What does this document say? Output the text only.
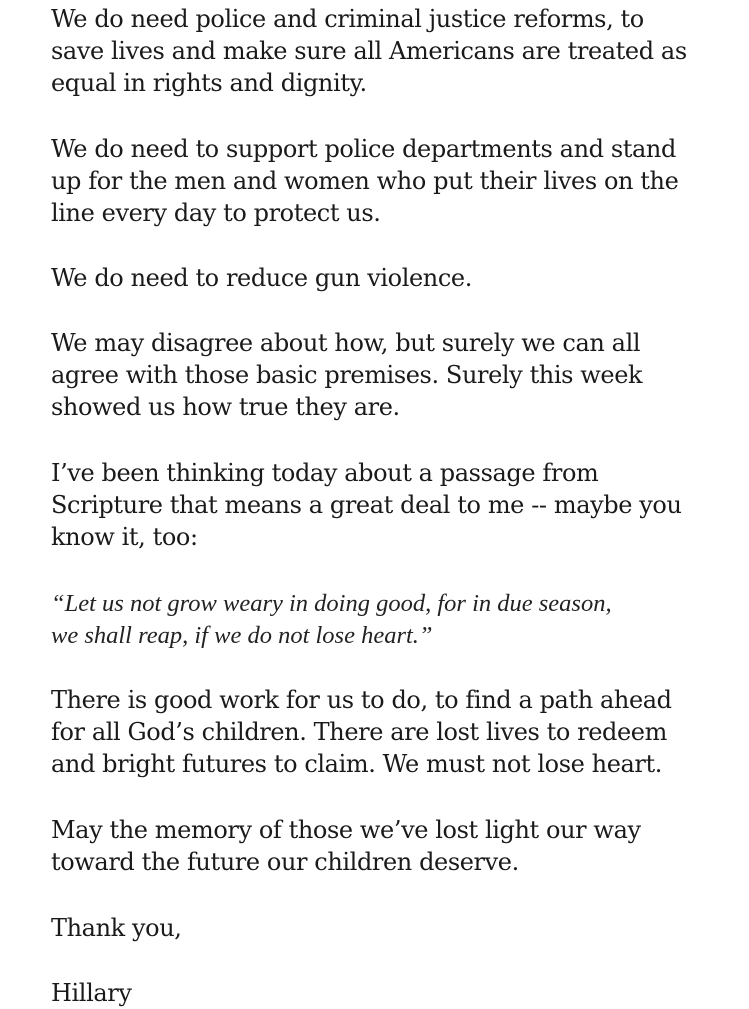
We do need police and criminal justice reforms, to
save lives and make sure all Americans are treated as
equal in rights and dignity.

We do need to support police departments and stand
up for the men and women who put their lives on the
line every day to protect us.

We do need to reduce gun violence.

We may disagree about how, but surely we can all
agree with those basic premises. Surely this week
showed us how true they are.

I’ve been thinking today about a passage from
Scripture that means a great deal to me -- maybe you
know it, too:

“Let us not grow weary in doing good, for in due season,
we shall reap, if we do not lose heart.”

There is good work for us to do, to find a path ahead
for all God’s children. There are lost lives to redeem
and bright futures to claim. We must not lose heart.

May the memory of those we’ve lost light our way
toward the future our children deserve.

Thank you,

Hillary
